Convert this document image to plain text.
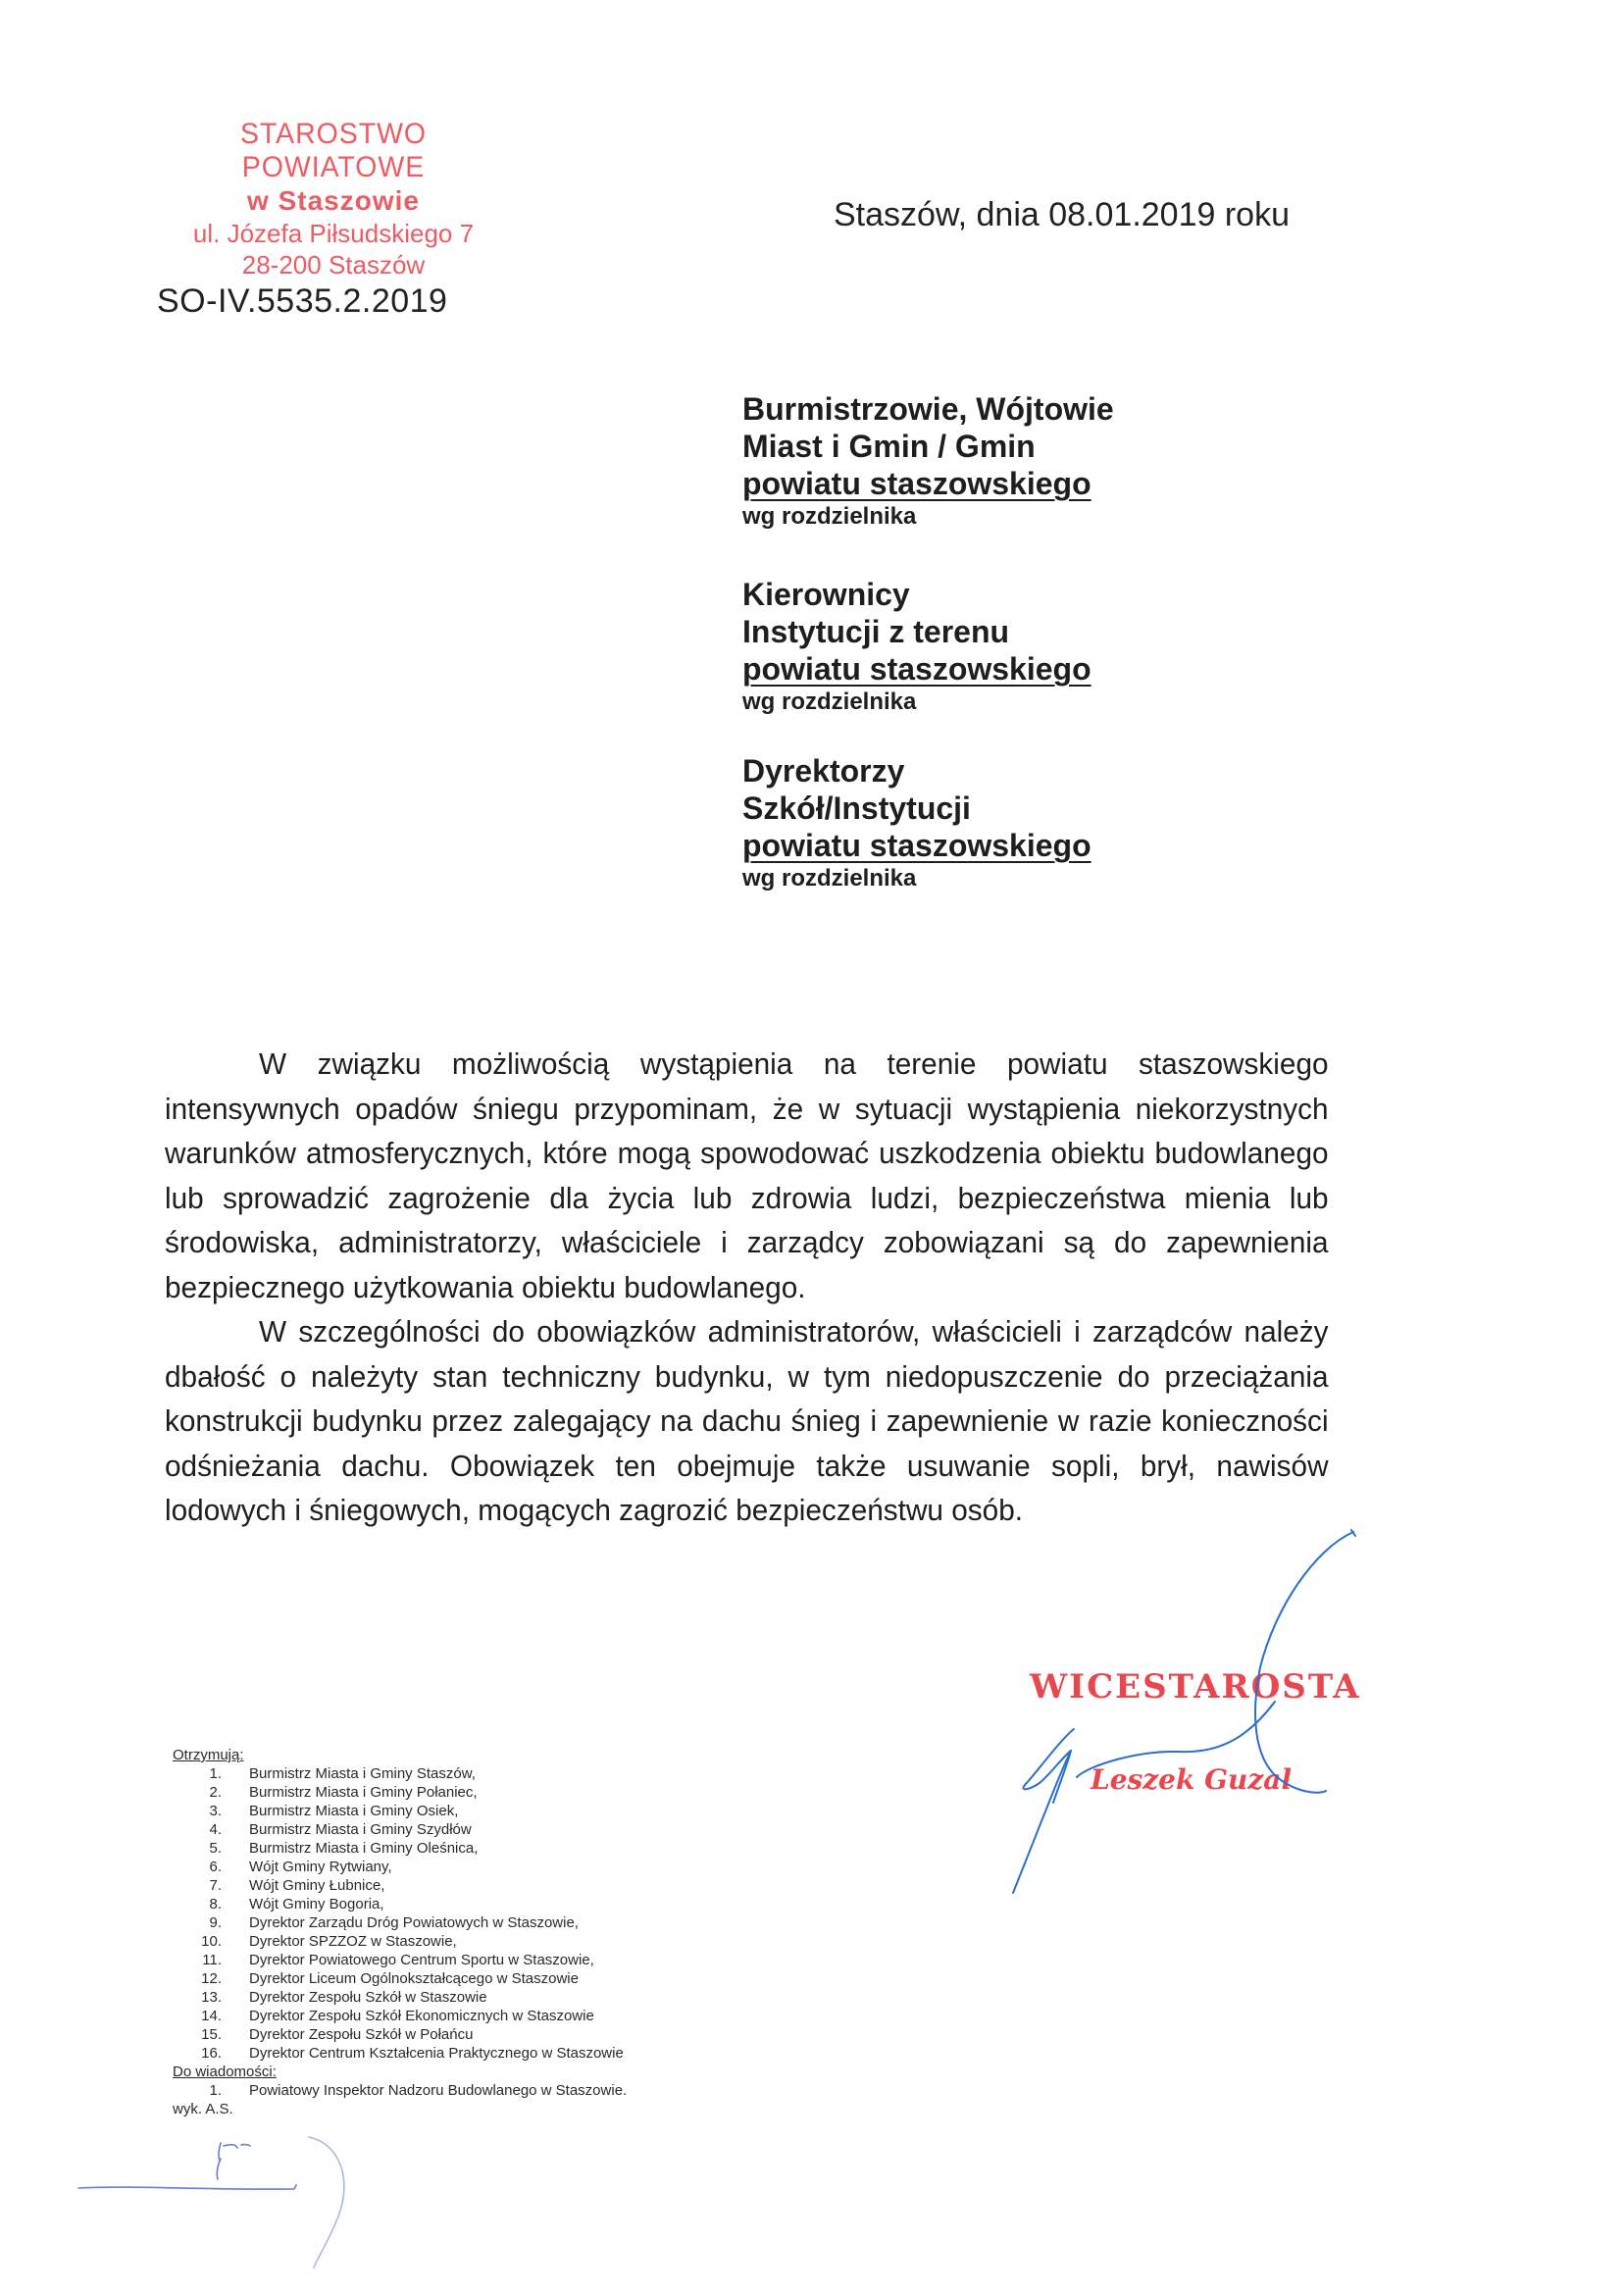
STAROSTWO POWIATOWE
w Staszowie
ul. Józefa Piłsudskiego 7
28-200 Staszów
Staszów, dnia 08.01.2019 roku
SO-IV.5535.2.2019
Burmistrzowie, Wójtowie
Miast i Gmin / Gmin
powiatu staszowskiego
wg rozdzielnika
Kierownicy
Instytucji z terenu
powiatu staszowskiego
wg rozdzielnika
Dyrektorzy
Szkół/Instytucji
powiatu staszowskiego
wg rozdzielnika

W związku możliwością wystąpienia na terenie powiatu staszowskiego intensywnych opadów śniegu przypominam, że w sytuacji wystąpienia niekorzystnych warunków atmosferycznych, które mogą spowodować uszkodzenia obiektu budowlanego lub sprowadzić zagrożenie dla życia lub zdrowia ludzi, bezpieczeństwa mienia lub środowiska, administratorzy, właściciele i zarządcy zobowiązani są do zapewnienia bezpiecznego użytkowania obiektu budowlanego.

W szczególności do obowiązków administratorów, właścicieli i zarządców należy dbałość o należyty stan techniczny budynku, w tym niedopuszczenie do przeciążania konstrukcji budynku przez zalegający na dachu śnieg i zapewnienie w razie konieczności odśnieżania dachu. Obowiązek ten obejmuje także usuwanie sopli, brył, nawisów lodowych i śniegowych, mogących zagrozić bezpieczeństwu osób.

WICESTAROSTA
Leszek Guzal
Otrzymują:
1. Burmistrz Miasta i Gminy Staszów,
2. Burmistrz Miasta i Gminy Połaniec,
3. Burmistrz Miasta i Gminy Osiek,
4. Burmistrz Miasta i Gminy Szydłów
5. Burmistrz Miasta i Gminy Oleśnica,
6. Wójt Gminy Rytwiany,
7. Wójt Gminy Łubnice,
8. Wójt Gminy Bogoria,
9. Dyrektor Zarządu Dróg Powiatowych w Staszowie,
10. Dyrektor SPZZOZ w Staszowie,
11. Dyrektor Powiatowego Centrum Sportu w Staszowie,
12. Dyrektor Liceum Ogólnokształcącego w Staszowie
13. Dyrektor Zespołu Szkół w Staszowie
14. Dyrektor Zespołu Szkół Ekonomicznych w Staszowie
15. Dyrektor Zespołu Szkół w Połańcu
16. Dyrektor Centrum Kształcenia Praktycznego w Staszowie
Do wiadomości:
1. Powiatowy Inspektor Nadzoru Budowlanego w Staszowie.
wyk. A.S.
